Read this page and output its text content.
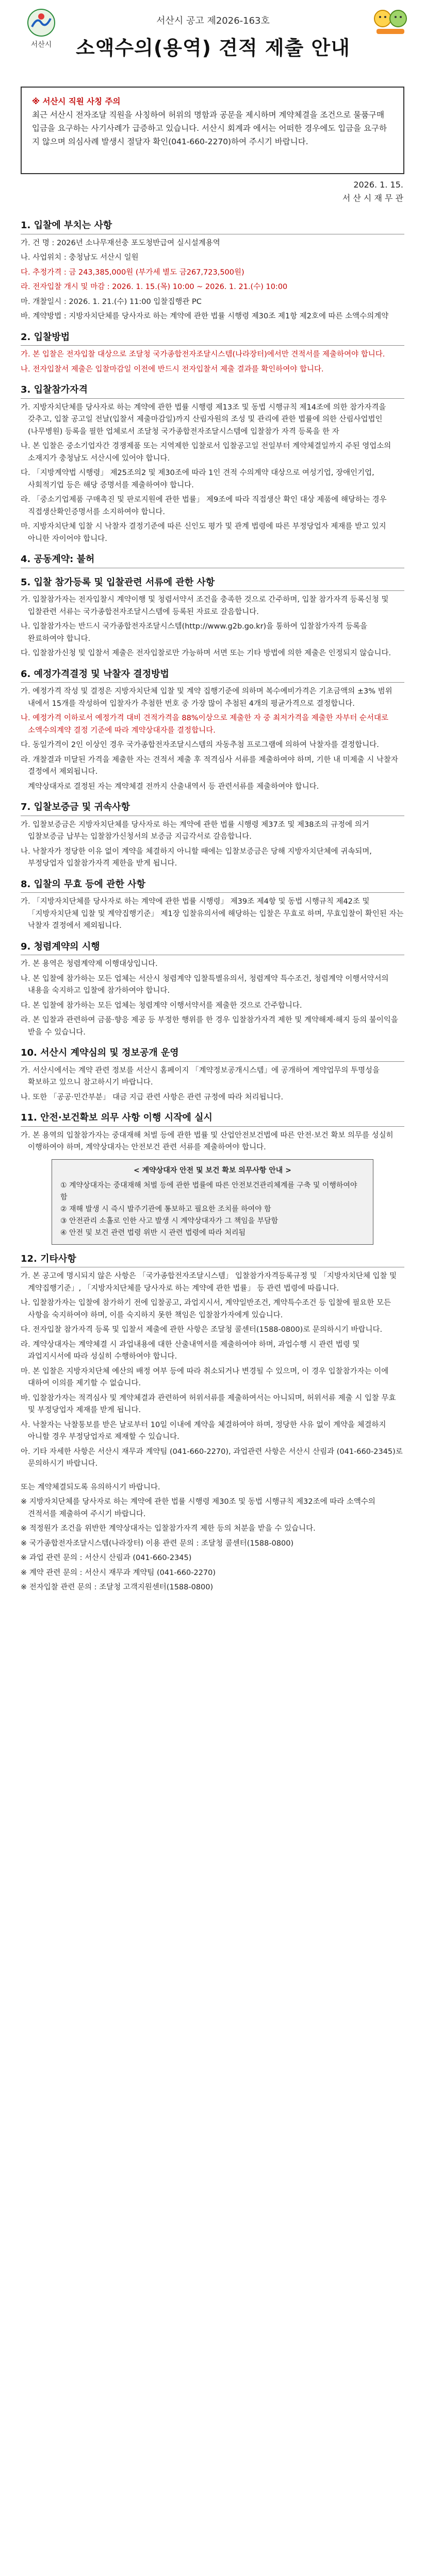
서산시
서산시 공고 제2026-163호
소액수의(용역) 견적 제출 안내

※ 서산시 직원 사칭 주의

최근 서산시 전자조달 직원을 사칭하여 허위의 명함과 공문을 제시하며 계약체결을 조건으로 물품구매 입금을 요구하는 사기사례가 급증하고 있습니다. 서산시 회계과 에서는 어떠한 경우에도 입금을 요구하지 않으며 의심사례 발생시 절달자 확인(041-660-2270)하여 주시기 바랍니다.

2026. 1. 15.
서 산 시 재 무 관
1. 입찰에 부치는 사항

가. 건 명 : 2026년 소나무재선충 포도청반급여 실시설계용역

나. 사업위치 : 충청남도 서산시 일원

다. 추정가격 : 금 243,385,000원 (부가세 별도 금267,723,500원)

라. 전자입찰 개시 및 마감 : 2026. 1. 15.(목) 10:00 ~ 2026. 1. 21.(수) 10:00

마. 개찰일시 : 2026. 1. 21.(수) 11:00 입찰집행관 PC

바. 계약방법 : 지방자치단체를 당사자로 하는 계약에 관한 법률 시행령 제30조 제1항 제2호에 따른 소액수의계약

2. 입찰방법

가. 본 입찰은 전자입찰 대상으로 조달청 국가종합전자조달시스템(나라장터)에서만 견적서를 제출하여야 합니다.

나. 전자입찰서 제출은 입찰마감일 이전에 반드시 전자입찰서 제출 결과를 확인하여야 합니다.

3. 입찰참가자격

가. 지방자치단체를 당사자로 하는 계약에 관한 법률 시행령 제13조 및 동법 시행규칙 제14조에 의한 참가자격을 갖추고, 입찰 공고일 전날(입찰서 제출마감일)까지 산림자원의 조성 및 관리에 관한 법률에 의한 산림사업법인(나무병원) 등록을 필한 업체로서 조달청 국가종합전자조달시스템에 입찰참가 자격 등록을 한 자

나. 본 입찰은 중소기업자간 경쟁제품 또는 지역제한 입찰로서 입찰공고일 전일부터 계약체결일까지 주된 영업소의 소재지가 충청남도 서산시에 있어야 합니다.

다. 「지방계약법 시행령」 제25조의2 및 제30조에 따라 1인 견적 수의계약 대상으로 여성기업, 장애인기업, 사회적기업 등은 해당 증명서를 제출하여야 합니다.

라. 「중소기업제품 구매촉진 및 판로지원에 관한 법률」 제9조에 따라 직접생산 확인 대상 제품에 해당하는 경우 직접생산확인증명서를 소지하여야 합니다.

마. 지방자치단체 입찰 시 낙찰자 결정기준에 따른 신인도 평가 및 관계 법령에 따른 부정당업자 제재를 받고 있지 아니한 자이어야 합니다.

4. 공동계약: 불허
5. 입찰 참가등록 및 입찰관련 서류에 관한 사항

가. 입찰참가자는 전자입찰시 계약이행 및 청렴서약서 조건을 충족한 것으로 간주하며, 입찰 참가자격 등록신청 및 입찰관련 서류는 국가종합전자조달시스템에 등록된 자료로 갈음합니다.

나. 입찰참가자는 반드시 국가종합전자조달시스템(http://www.g2b.go.kr)을 통하여 입찰참가자격 등록을 완료하여야 합니다.

다. 입찰참가신청 및 입찰서 제출은 전자입찰로만 가능하며 서면 또는 기타 방법에 의한 제출은 인정되지 않습니다.

6. 예정가격결정 및 낙찰자 결정방법

가. 예정가격 작성 및 결정은 지방자치단체 입찰 및 계약 집행기준에 의하며 복수예비가격은 기초금액의 ±3% 범위 내에서 15개를 작성하여 입찰자가 추첨한 번호 중 가장 많이 추첨된 4개의 평균가격으로 결정합니다.

나. 예정가격 이하로서 예정가격 대비 견적가격을 88%이상으로 제출한 자 중 최저가격을 제출한 자부터 순서대로 소액수의계약 결정 기준에 따라 계약상대자를 결정합니다.

다. 동일가격이 2인 이상인 경우 국가종합전자조달시스템의 자동추첨 프로그램에 의하여 낙찰자를 결정합니다.

라. 개찰결과 미달된 가격을 제출한 자는 견적서 제출 후 적격심사 서류를 제출하여야 하며, 기한 내 미제출 시 낙찰자 결정에서 제외됩니다.

계약상대자로 결정된 자는 계약체결 전까지 산출내역서 등 관련서류를 제출하여야 합니다.

7. 입찰보증금 및 귀속사항

가. 입찰보증금은 지방자치단체를 당사자로 하는 계약에 관한 법률 시행령 제37조 및 제38조의 규정에 의거 입찰보증금 납부는 입찰참가신청서의 보증금 지급각서로 갈음합니다.

나. 낙찰자가 정당한 이유 없이 계약을 체결하지 아니할 때에는 입찰보증금은 당해 지방자치단체에 귀속되며, 부정당업자 입찰참가자격 제한을 받게 됩니다.

8. 입찰의 무효 등에 관한 사항

가. 「지방자치단체를 당사자로 하는 계약에 관한 법률 시행령」 제39조 제4항 및 동법 시행규칙 제42조 및 「지방자치단체 입찰 및 계약집행기준」 제1장 입찰유의서에 해당하는 입찰은 무효로 하며, 무효입찰이 확인된 자는 낙찰자 결정에서 제외됩니다.

9. 청렴계약의 시행

가. 본 용역은 청렴계약제 이행대상입니다.

나. 본 입찰에 참가하는 모든 업체는 서산시 청렴계약 입찰특별유의서, 청렴계약 특수조건, 청렴계약 이행서약서의 내용을 숙지하고 입찰에 참가하여야 합니다.

다. 본 입찰에 참가하는 모든 업체는 청렴계약 이행서약서를 제출한 것으로 간주합니다.

라. 본 입찰과 관련하여 금품·향응 제공 등 부정한 행위를 한 경우 입찰참가자격 제한 및 계약해제·해지 등의 불이익을 받을 수 있습니다.

10. 서산시 계약심의 및 정보공개 운영

가. 서산시에서는 계약 관련 정보를 서산시 홈페이지 「계약정보공개시스템」에 공개하여 계약업무의 투명성을 확보하고 있으니 참고하시기 바랍니다.

나. 또한 「공공·민간부분」 대금 지급 관련 사항은 관련 규정에 따라 처리됩니다.

11. 안전·보건확보 의무 사항 이행 시작에 실시

가. 본 용역의 입찰참가자는 중대재해 처벌 등에 관한 법률 및 산업안전보건법에 따른 안전·보건 확보 의무를 성실히 이행하여야 하며, 계약상대자는 안전보건 관련 서류를 제출하여야 합니다.

< 계약상대자 안전 및 보건 확보 의무사항 안내 >

① 계약상대자는 중대재해 처벌 등에 관한 법률에 따른 안전보건관리체계를 구축 및 이행하여야 함

② 재해 발생 시 즉시 발주기관에 통보하고 필요한 조치를 하여야 함

③ 안전관리 소홀로 인한 사고 발생 시 계약상대자가 그 책임을 부담함

④ 안전 및 보건 관련 법령 위반 시 관련 법령에 따라 처리됨

12. 기타사항

가. 본 공고에 명시되지 않은 사항은 「국가종합전자조달시스템」 입찰참가자격등록규정 및 「지방자치단체 입찰 및 계약집행기준」, 「지방자치단체를 당사자로 하는 계약에 관한 법률」 등 관련 법령에 따릅니다.

나. 입찰참가자는 입찰에 참가하기 전에 입찰공고, 과업지시서, 계약일반조건, 계약특수조건 등 입찰에 필요한 모든 사항을 숙지하여야 하며, 이를 숙지하지 못한 책임은 입찰참가자에게 있습니다.

다. 전자입찰 참가자격 등록 및 입찰서 제출에 관한 사항은 조달청 콜센터(1588-0800)로 문의하시기 바랍니다.

라. 계약상대자는 계약체결 시 과업내용에 대한 산출내역서를 제출하여야 하며, 과업수행 시 관련 법령 및 과업지시서에 따라 성실히 수행하여야 합니다.

마. 본 입찰은 지방자치단체 예산의 배정 여부 등에 따라 취소되거나 변경될 수 있으며, 이 경우 입찰참가자는 이에 대하여 이의를 제기할 수 없습니다.

바. 입찰참가자는 적격심사 및 계약체결과 관련하여 허위서류를 제출하여서는 아니되며, 허위서류 제출 시 입찰 무효 및 부정당업자 제재를 받게 됩니다.

사. 낙찰자는 낙찰통보를 받은 날로부터 10일 이내에 계약을 체결하여야 하며, 정당한 사유 없이 계약을 체결하지 아니할 경우 부정당업자로 제재할 수 있습니다.

아. 기타 자세한 사항은 서산시 재무과 계약팀 (041-660-2270), 과업관련 사항은 서산시 산림과 (041-660-2345)로 문의하시기 바랍니다.

또는 계약체결되도록 유의하시기 바랍니다.

※ 지방자치단체를 당사자로 하는 계약에 관한 법률 시행령 제30조 및 동법 시행규칙 제32조에 따라 소액수의 견적서를 제출하여 주시기 바랍니다.

※ 적정원가 조건을 위반한 계약상대자는 입찰참가자격 제한 등의 처분을 받을 수 있습니다.

※ 국가종합전자조달시스템(나라장터) 이용 관련 문의 : 조달청 콜센터(1588-0800)

※ 과업 관련 문의 : 서산시 산림과 (041-660-2345)

※ 계약 관련 문의 : 서산시 재무과 계약팀 (041-660-2270)

※ 전자입찰 관련 문의 : 조달청 고객지원센터(1588-0800)
